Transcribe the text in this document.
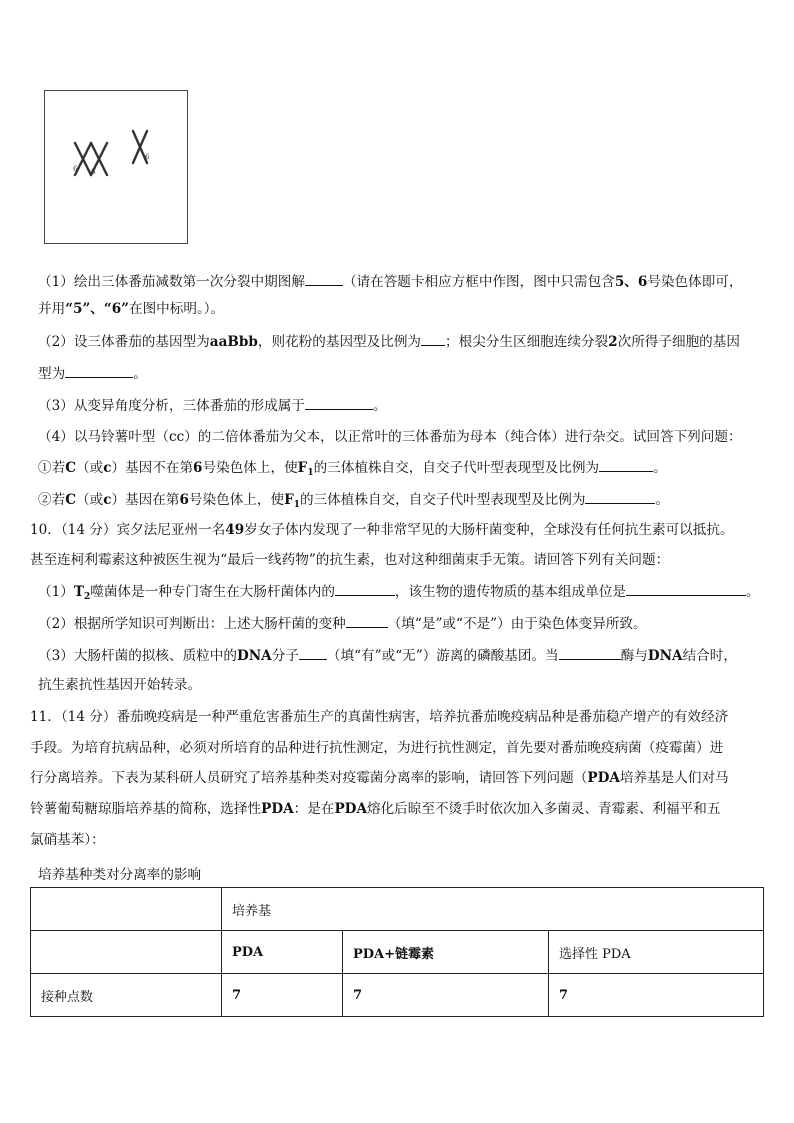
6 6
6
（1）绘出三体番茄减数第一次分裂中期图解	（请在答题卡相应方框中作图，图中只需包含5、6号染色体即可，
并用“5”、“6”在图中标明。）。
（2）设三体番茄的基因型为aaBbb，则花粉的基因型及比例为 ；根尖分生区细胞连续分裂2次所得子细胞的基因
型为	。
（3）从变异角度分析，三体番茄的形成属于	。
（4）以马铃薯叶型（cc）的二倍体番茄为父本，以正常叶的三体番茄为母本（纯合体）进行杂交。试回答下列问题：
①若C（或c）基因不在第6号染色体上，使$F_1$的三体植株自交，自交子代叶型表现型及比例为	。
②若C（或c）基因在第6号染色体上，使$F_1$的三体植株自交，自交子代叶型表现型及比例为	。
10．（14 分）宾夕法尼亚州一名49岁女子体内发现了一种非常罕见的大肠杆菌变种，全球没有任何抗生素可以抵抗。
甚至连柯利霉素这种被医生视为“最后一线药物”的抗生素，也对这种细菌束手无策。请回答下列有关问题：
$(1)T_2$噬菌体是一种专门寄生在大肠杆菌体内的	，该生物的遗传物质的基本组成单位是	。
（2）根据所学知识可判断出：上述大肠杆菌的变种	（填“是”或“不是”）由于染色体变异所致。
（3）大肠杆菌的拟核、质粒中的DNA分子 （填“有”或“无”）游离的磷酸基团。当	酶与DNA结合时，
抗生素抗性基因开始转录。
11．（14 分）番茄晚疫病是一种严重危害番茄生产的真菌性病害，培养抗番茄晚疫病品种是番茄稳产增产的有效经济
手段。为培育抗病品种，必须对所培育的品种进行抗性测定，为进行抗性测定，首先要对番茄晚疫病菌（疫霉菌）进
行分离培养。下表为某科研人员研究了培养基种类对疫霉菌分离率的影响，请回答下列问题（PDA培养基是人们对马
铃薯葡萄糖琼脂培养基的简称，选择性PDA：是在PDA熔化后晾至不烫手时依次加入多菌灵、青霉素、利福平和五
氯硝基苯）：
培养基种类对分离率的影响
	培养基		
	PDA	PDA+链霉素	选择性 PDA
接种点数	7	7	7
